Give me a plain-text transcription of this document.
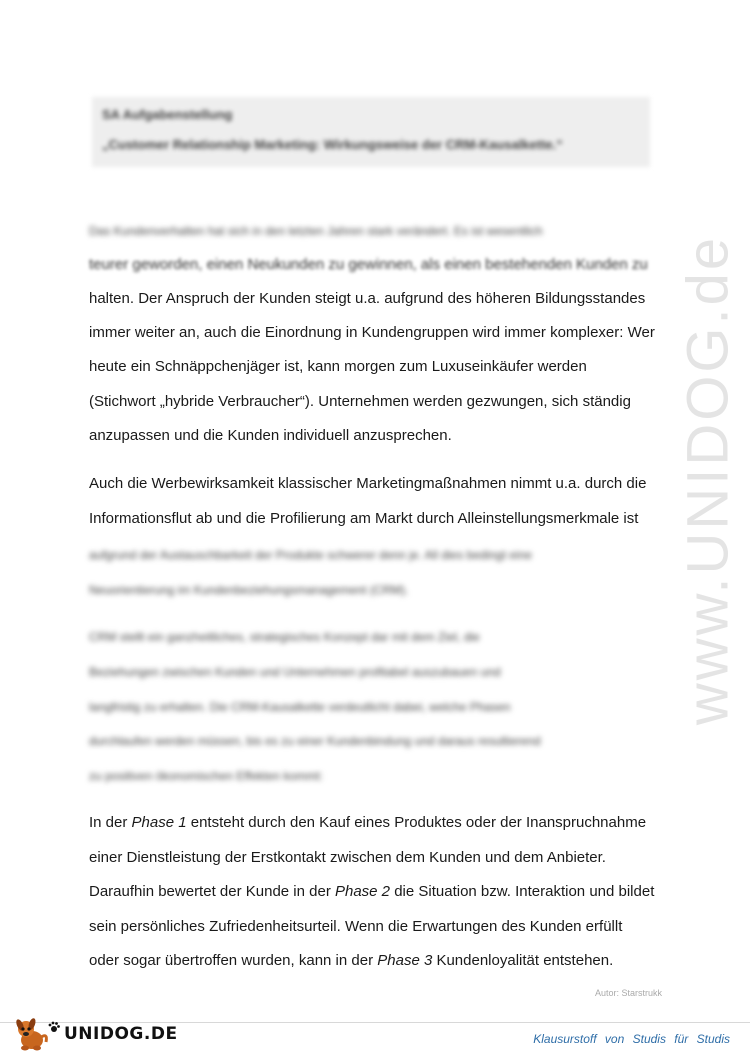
www.UNIDOG.de
SA Aufgabenstellung
„Customer Relationship Marketing: Wirkungsweise der CRM-Kausalkette.“
Das Kundenverhalten hat sich in den letzten Jahren stark verändert. Es ist wesentlich
teurer geworden, einen Neukunden zu gewinnen, als einen bestehenden Kunden zu
halten. Der Anspruch der Kunden steigt u.a. aufgrund des höheren Bildungsstandes
immer weiter an, auch die Einordnung in Kundengruppen wird immer komplexer: Wer
heute ein Schnäppchenjäger ist, kann morgen zum Luxuseinkäufer werden
(Stichwort „hybride Verbraucher“). Unternehmen werden gezwungen, sich ständig
anzupassen und die Kunden individuell anzusprechen.
Auch die Werbewirksamkeit klassischer Marketingmaßnahmen nimmt u.a. durch die
Informationsflut ab und die Profilierung am Markt durch Alleinstellungsmerkmale ist
aufgrund der Austauschbarkeit der Produkte schwerer denn je. All dies bedingt eine
Neuorientierung im Kundenbeziehungsmanagement (CRM).
CRM stellt ein ganzheitliches, strategisches Konzept dar mit dem Ziel, die
Beziehungen zwischen Kunden und Unternehmen profitabel auszubauen und
langfristig zu erhalten. Die CRM-Kausalkette verdeutlicht dabei, welche Phasen
durchlaufen werden müssen, bis es zu einer Kundenbindung und daraus resultierend
zu positiven ökonomischen Effekten kommt:
In der Phase 1 entsteht durch den Kauf eines Produktes oder der Inanspruchnahme
einer Dienstleistung der Erstkontakt zwischen dem Kunden und dem Anbieter.
Daraufhin bewertet der Kunde in der Phase 2 die Situation bzw. Interaktion und bildet
sein persönliches Zufriedenheitsurteil. Wenn die Erwartungen des Kunden erfüllt
oder sogar übertroffen wurden, kann in der Phase 3 Kundenloyalität entstehen.
Autor: Starstrukk
UNIDOG.DE	Klausurstoff von Studis für Studis
